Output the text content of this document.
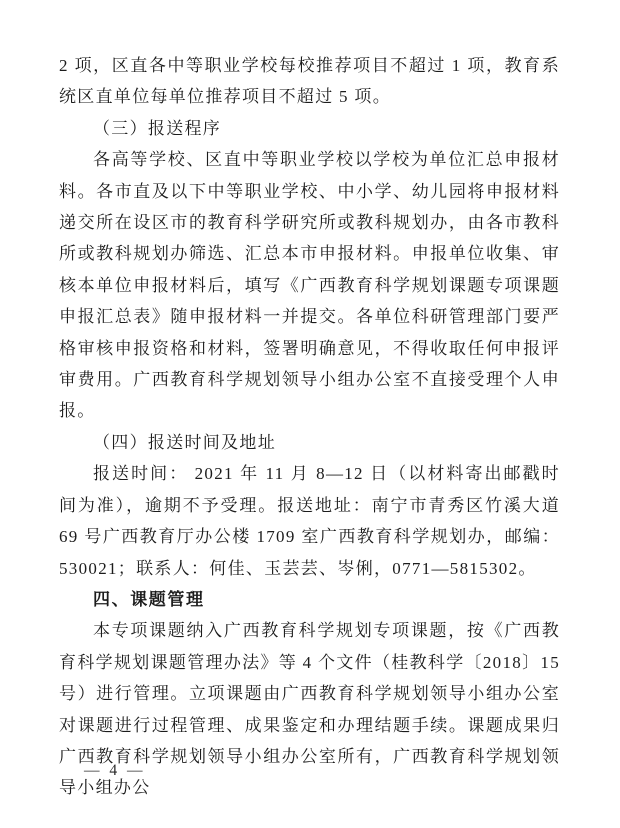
2 项，区直各中等职业学校每校推荐项目不超过 1 项，教育系统区直单位每单位推荐项目不超过 5 项。

（三）报送程序

各高等学校、区直中等职业学校以学校为单位汇总申报材料。各市直及以下中等职业学校、中小学、幼儿园将申报材料递交所在设区市的教育科学研究所或教科规划办，由各市教科所或教科规划办筛选、汇总本市申报材料。申报单位收集、审核本单位申报材料后，填写《广西教育科学规划课题专项课题申报汇总表》随申报材料一并提交。各单位科研管理部门要严格审核申报资格和材料，签署明确意见，不得收取任何申报评审费用。广西教育科学规划领导小组办公室不直接受理个人申报。

（四）报送时间及地址

报送时间： 2021 年 11 月 8—12 日（以材料寄出邮戳时间为准），逾期不予受理。报送地址：南宁市青秀区竹溪大道 69 号广西教育厅办公楼 1709 室广西教育科学规划办，邮编：530021；联系人：何佳、玉芸芸、岑俐，0771—5815302。

四、课题管理

本专项课题纳入广西教育科学规划专项课题，按《广西教育科学规划课题管理办法》等 4 个文件（桂教科学〔2018〕15 号）进行管理。立项课题由广西教育科学规划领导小组办公室对课题进行过程管理、成果鉴定和办理结题手续。课题成果归广西教育科学规划领导小组办公室所有，广西教育科学规划领导小组办公

— 4 —
